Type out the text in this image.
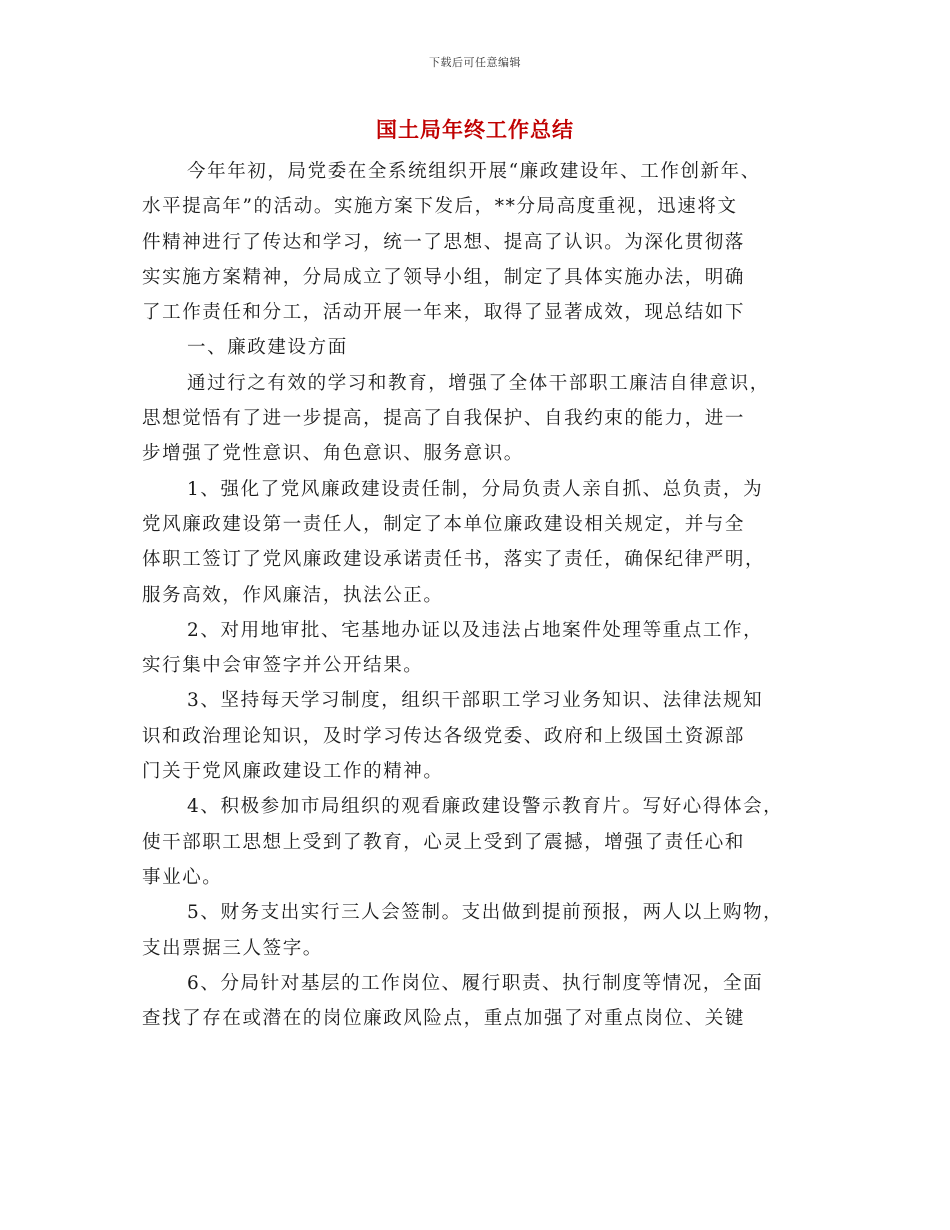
下载后可任意编辑
国土局年终工作总结
今年年初，局党委在全系统组织开展“廉政建设年、工作创新年、
水平提高年”的活动。实施方案下发后，**分局高度重视，迅速将文
件精神进行了传达和学习，统一了思想、提高了认识。为深化贯彻落
实实施方案精神，分局成立了领导小组，制定了具体实施办法，明确
了工作责任和分工，活动开展一年来，取得了显著成效，现总结如下
一、廉政建设方面
通过行之有效的学习和教育，增强了全体干部职工廉洁自律意识，
思想觉悟有了进一步提高，提高了自我保护、自我约束的能力，进一
步增强了党性意识、角色意识、服务意识。
1、强化了党风廉政建设责任制，分局负责人亲自抓、总负责，为
党风廉政建设第一责任人，制定了本单位廉政建设相关规定，并与全
体职工签订了党风廉政建设承诺责任书，落实了责任，确保纪律严明，
服务高效，作风廉洁，执法公正。
2、对用地审批、宅基地办证以及违法占地案件处理等重点工作，
实行集中会审签字并公开结果。
3、坚持每天学习制度，组织干部职工学习业务知识、法律法规知
识和政治理论知识，及时学习传达各级党委、政府和上级国土资源部
门关于党风廉政建设工作的精神。
4、积极参加市局组织的观看廉政建设警示教育片。写好心得体会，
使干部职工思想上受到了教育，心灵上受到了震撼，增强了责任心和
事业心。
5、财务支出实行三人会签制。支出做到提前预报，两人以上购物，
支出票据三人签字。
6、分局针对基层的工作岗位、履行职责、执行制度等情况，全面
查找了存在或潜在的岗位廉政风险点，重点加强了对重点岗位、关键
